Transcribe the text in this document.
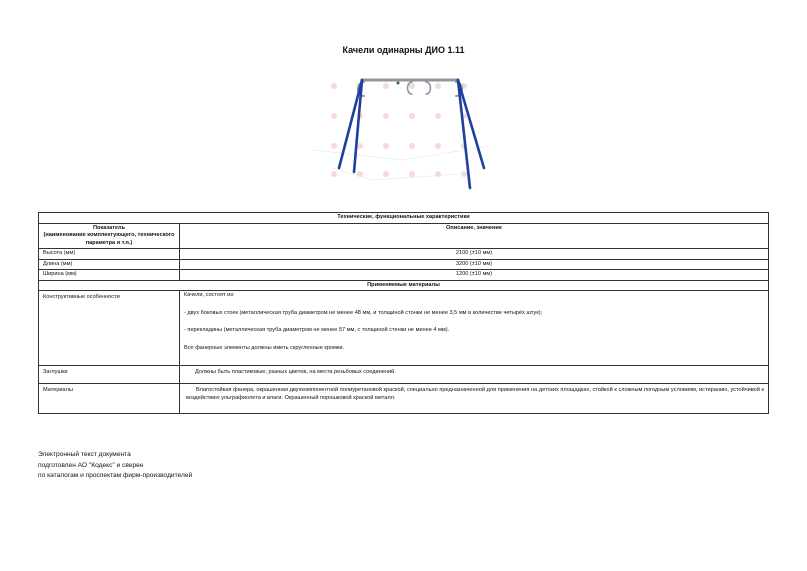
Качели одинарны ДИО 1.11
Технические, функциональные характеристики	
Показатель
(наименование комплектующего, технического параметра и т.п.)	Описание, значение
Высота (мм)	2100 (±10 мм)
Длина (мм)	3200 (±10 мм)
Ширина (мм)	1200 (±10 мм)
Применяемые материалы	
Конструктивные особенности	Качели, состоят из:

- двух боковых стоек (металлическая труба диаметром не менее 48 мм, и толщиной стонки не менее 3,5 мм в количестве четырёх штук);

- перекладины (металлическая труба диаметром не менее 57 мм, с толщиной стенки не менее 4 мм).

Все фанерные элементы должны иметь скругленные кромки.

Заглушки	Должны быть пластиковые, разных цветов, на места резьбовых соединений.
Материалы	Влагостойкая фанера, окрашенная двухкомпонентной полиуретановой краской, специально предназначенной для применения на детских площадках, стойкой к сложным погодным условиям, истиранию, устойчивой к воздействию ультрафиолета и влаги. Окрашенный порошковой краской металл.
Электронный текст документа
подготовлен АО "Кодекс" и сверен
по каталогам и проспектам фирм-производителей
